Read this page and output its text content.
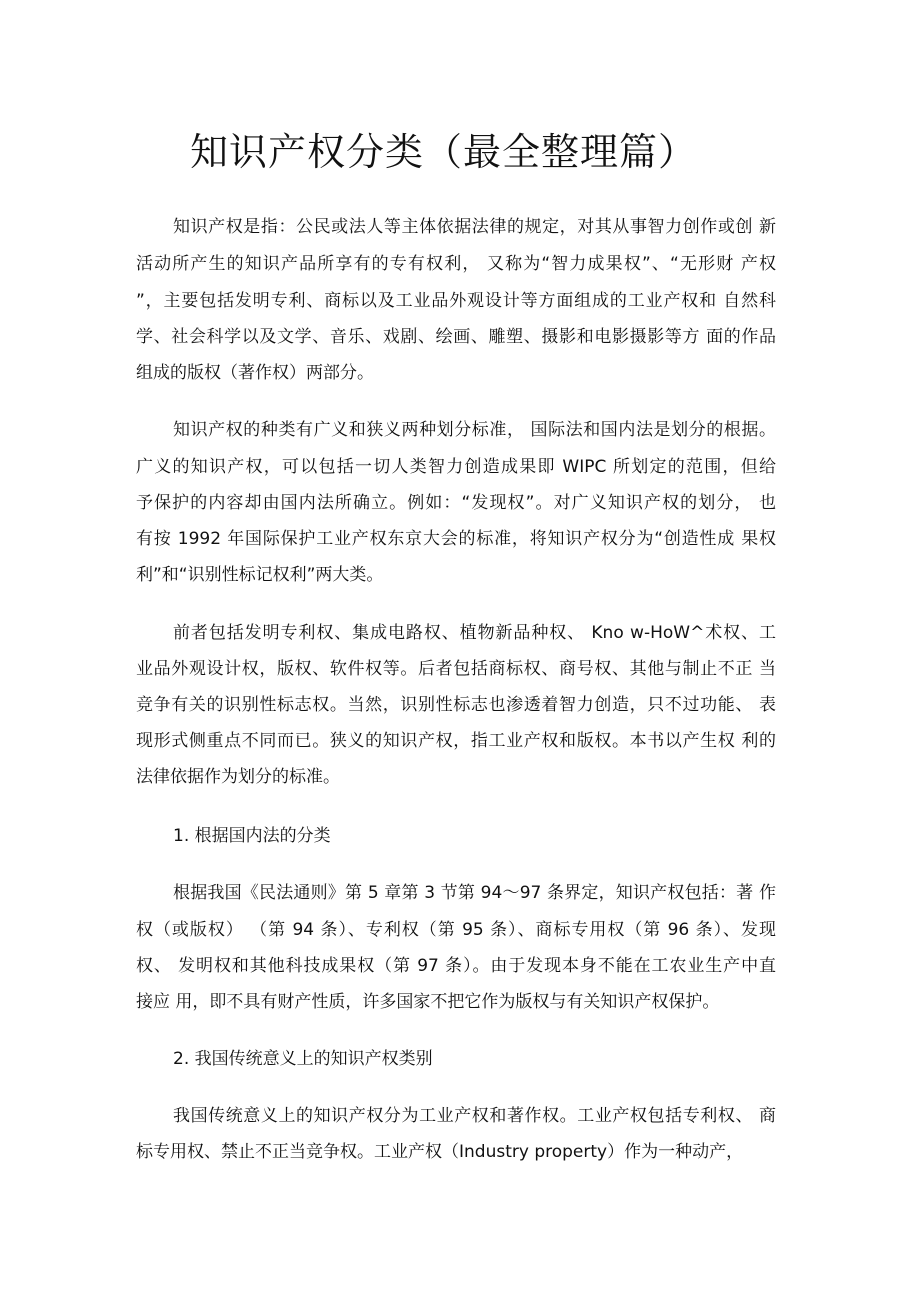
知识产权分类（最全整理篇）
知识产权是指：公民或法人等主体依据法律的规定，对其从事智力创作或创 新
活动所产生的知识产品所享有的专有权利， 又称为“智力成果权”、“无形财 产权
”，主要包括发明专利、商标以及工业品外观设计等方面组成的工业产权和 自然科
学、社会科学以及文学、音乐、戏剧、绘画、雕塑、摄影和电影摄影等方 面的作品
组成的版权（著作权）两部分。
知识产权的种类有广义和狭义两种划分标准， 国际法和国内法是划分的根据。
广义的知识产权，可以包括一切人类智力创造成果即 WIPC 所划定的范围，但给
予保护的内容却由国内法所确立。例如：“发现权”。对广义知识产权的划分， 也
有按 1992 年国际保护工业产权东京大会的标准，将知识产权分为“创造性成 果权
利”和“识别性标记权利”两大类。
前者包括发明专利权、集成电路权、植物新品种权、 Kno w-HoW^术权、工
业品外观设计权，版权、软件权等。后者包括商标权、商号权、其他与制止不正 当
竞争有关的识别性标志权。当然，识别性标志也渗透着智力创造，只不过功能、 表
现形式侧重点不同而已。狭义的知识产权，指工业产权和版权。本书以产生权 利的
法律依据作为划分的标准。
1. 根据国内法的分类
根据我国《民法通则》第 5 章第 3 节第 94〜97 条界定，知识产权包括：著 作
权（或版权） （第 94 条）、专利权（第 95 条）、商标专用权（第 96 条）、发现
权、 发明权和其他科技成果权（第 97 条）。由于发现本身不能在工农业生产中直
接应 用，即不具有财产性质，许多国家不把它作为版权与有关知识产权保护。
2. 我国传统意义上的知识产权类别
我国传统意义上的知识产权分为工业产权和著作权。工业产权包括专利权、 商
标专用权、禁止不正当竞争权。工业产权（Industry property）作为一种动产，
